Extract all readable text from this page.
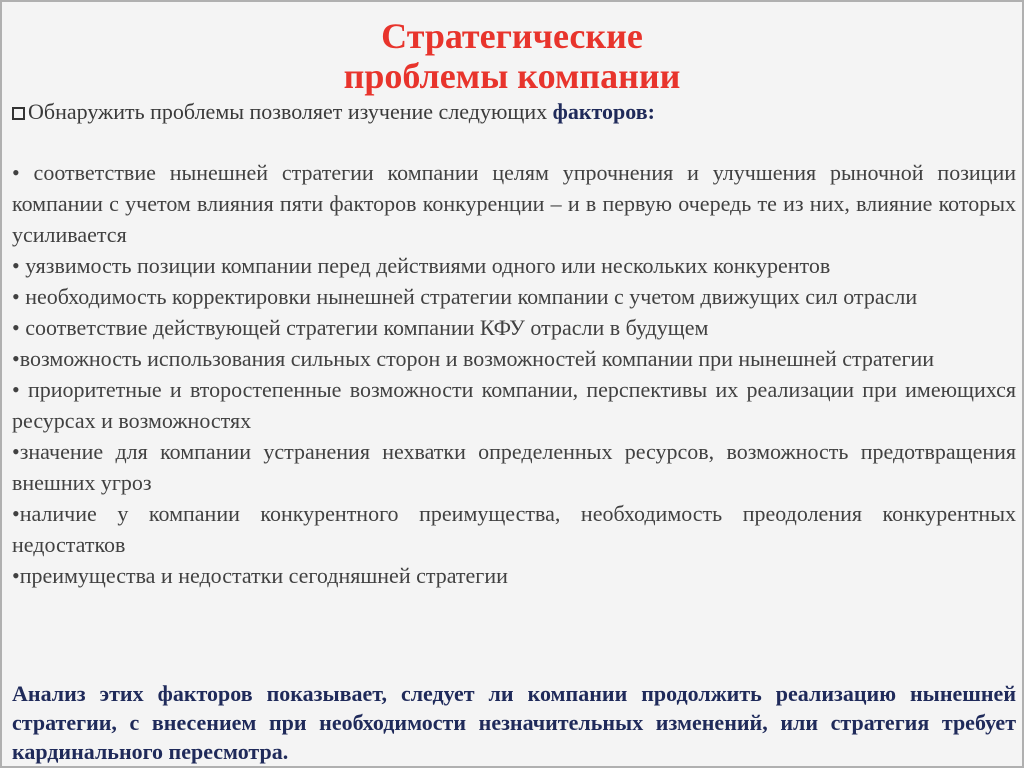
Стратегические
проблемы компании
Обнаружить проблемы позволяет изучение следующих факторов:
• соответствие нынешней стратегии компании целям упрочнения и улучшения рыночной позиции компании с учетом влияния пяти факторов конкуренции – и в первую очередь те из них, влияние которых усиливается
• уязвимость позиции компании перед действиями одного или нескольких конкурентов
• необходимость корректировки нынешней стратегии компании с учетом движущих сил отрасли
• соответствие действующей стратегии компании КФУ отрасли в будущем
•возможность использования сильных сторон и возможностей компании при нынешней стратегии
• приоритетные и второстепенные возможности компании, перспективы их реализации при имеющихся ресурсах и возможностях
•значение для компании устранения нехватки определенных ресурсов, возможность предотвращения внешних угроз
•наличие у компании конкурентного преимущества, необходимость преодоления конкурентных недостатков
•преимущества и недостатки сегодняшней стратегии
Анализ этих факторов показывает, следует ли компании продолжить реализацию нынешней стратегии, с внесением при необходимости незначительных изменений, или стратегия требует кардинального пересмотра.
